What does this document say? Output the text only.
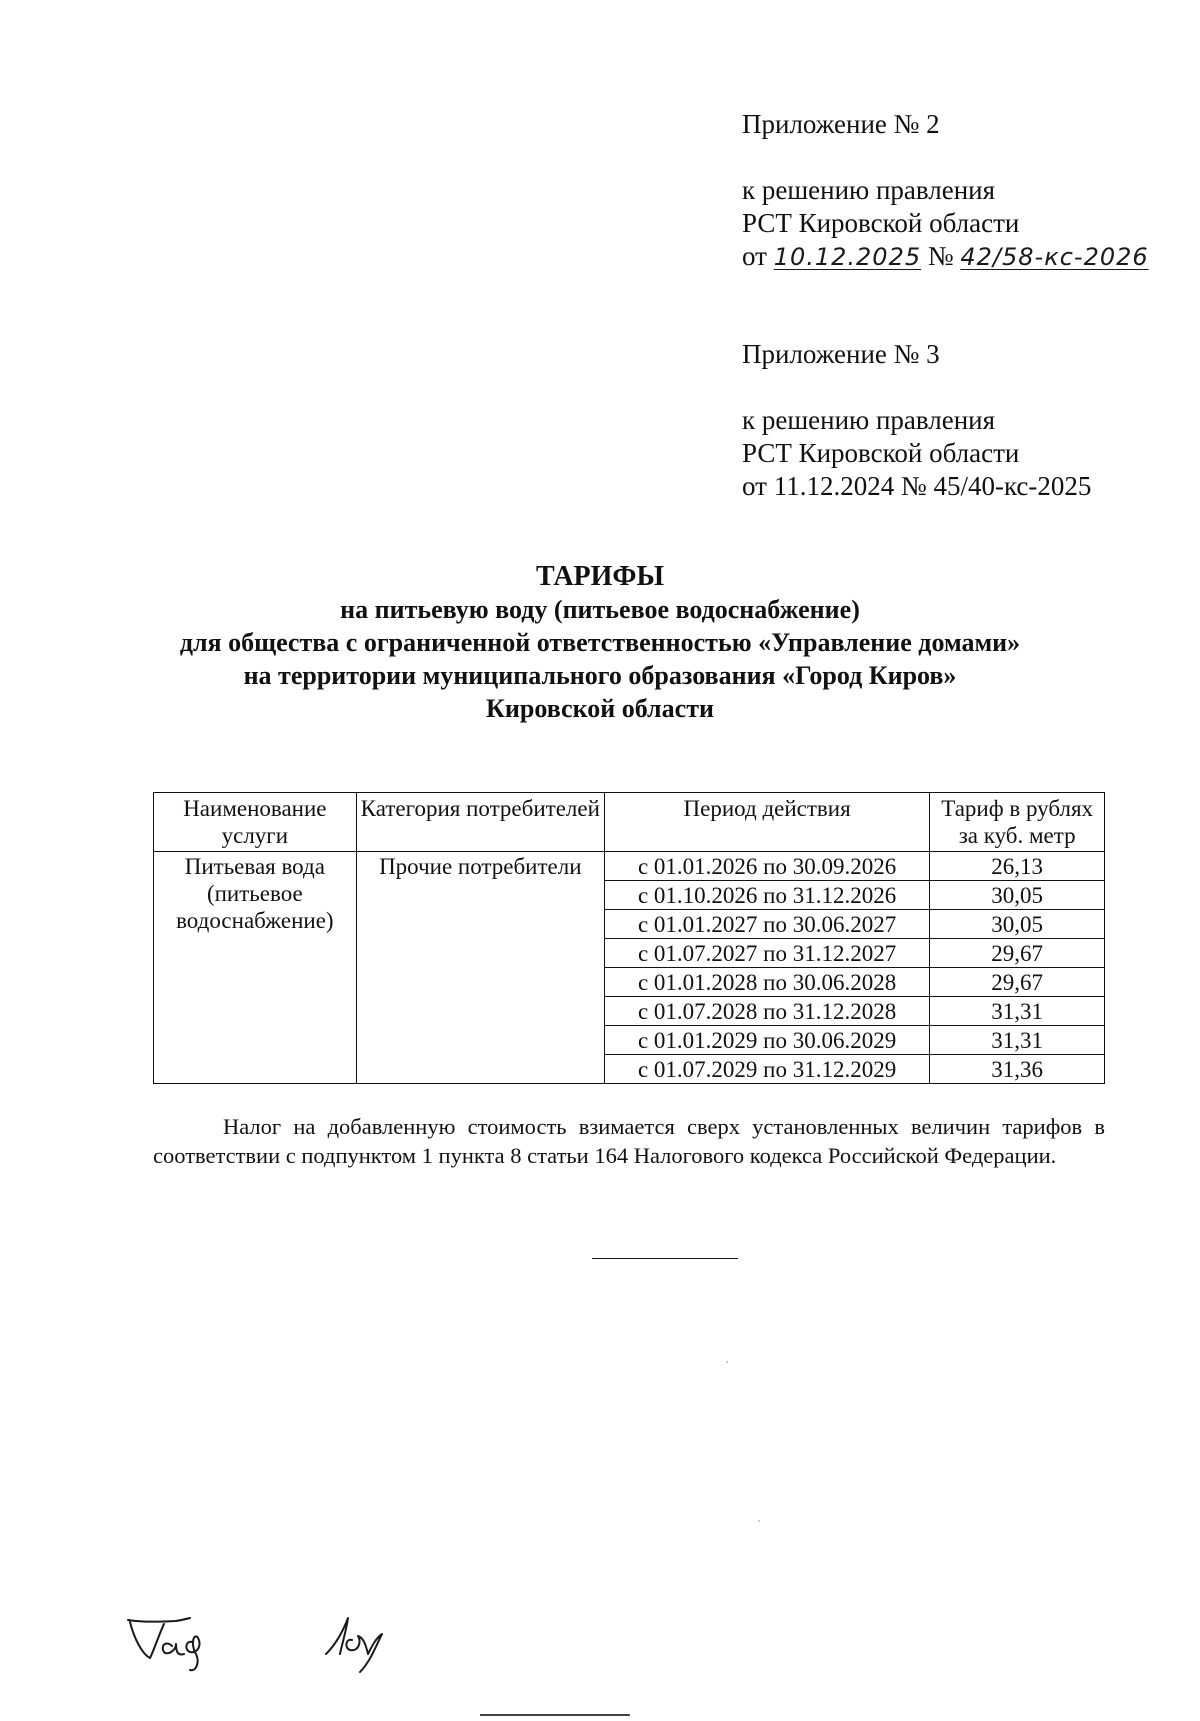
Приложение № 2
к решению правления
РСТ Кировской области
от 10.12.2025 № 42/58-кс-2026
Приложение № 3
к решению правления
РСТ Кировской области
от 11.12.2024 № 45/40-кс-2025
ТАРИФЫ
на питьевую воду (питьевое водоснабжение)
для общества с ограниченной ответственностью «Управление домами»
на территории муниципального образования «Город Киров»
Кировской области
Наименование услуги	Категория потребителей	Период действия	Тариф в рублях за куб. метр
Питьевая вода (питьевое водоснабжение)	Прочие потребители	с 01.01.2026 по 30.09.2026	26,13
		с 01.10.2026 по 31.12.2026	30,05
		с 01.01.2027 по 30.06.2027	30,05
		с 01.07.2027 по 31.12.2027	29,67
		с 01.01.2028 по 30.06.2028	29,67
		с 01.07.2028 по 31.12.2028	31,31
		с 01.01.2029 по 30.06.2029	31,31
		с 01.07.2029 по 31.12.2029	31,36
Налог на добавленную стоимость взимается сверх установленных величин тарифов в соответствии с подпунктом 1 пункта 8 статьи 164 Налогового кодекса Российской Федерации.
